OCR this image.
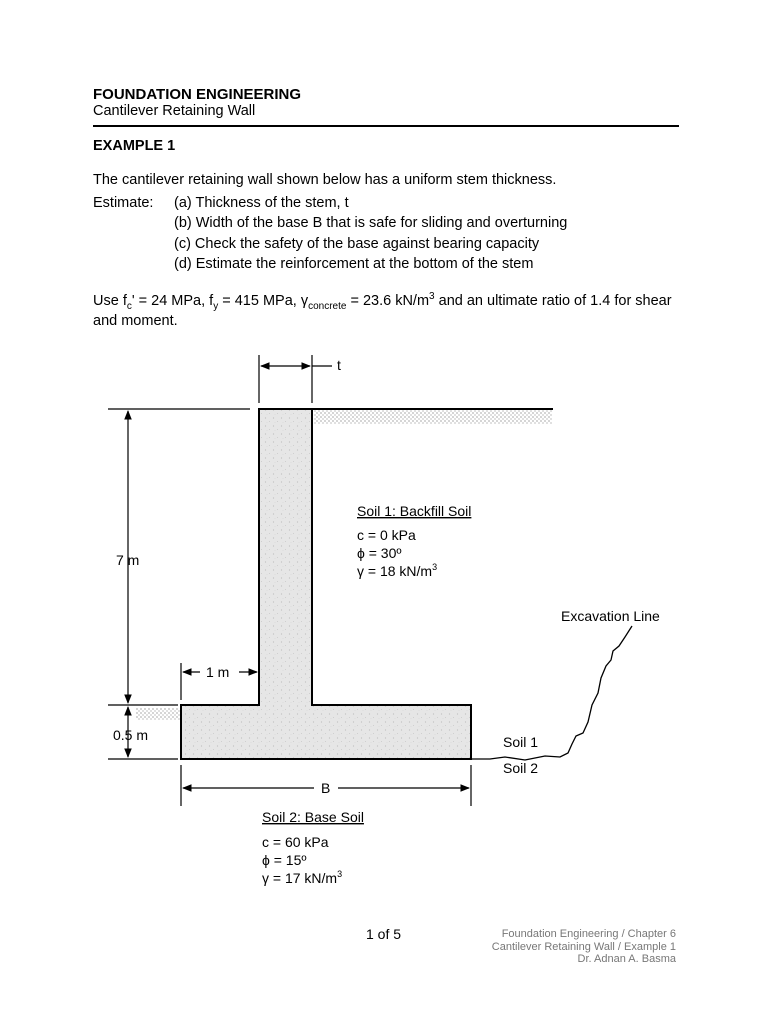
FOUNDATION ENGINEERING
Cantilever Retaining Wall
EXAMPLE 1
The cantilever retaining wall shown below has a uniform stem thickness.
Estimate: (a) Thickness of the stem, t
(b) Width of the base B that is safe for sliding and overturning
(c) Check the safety of the base against bearing capacity
(d) Estimate the reinforcement at the bottom of the stem
Use $f_c' = 24$ MPa, $f_y = 415$ MPa, $\gamma_{concrete} = 23.6$ $kN/m^3$ and an ultimate ratio of 1.4 for shear and moment.
t
7 m
0.5 m
1 m
B
Soil 1: Backfill Soil
c = 0 kPa
ϕ = 30º
γ = 18 $kN/m^3$
Excavation Line
Soil 1
Soil 2
Soil 2: Base Soil
c = 60 kPa
ϕ = 15º
γ = 17 $kN/m^3$
1 of 5	Foundation Engineering / Chapter 6
Cantilever Retaining Wall / Example 1
Dr. Adnan A. Basma
